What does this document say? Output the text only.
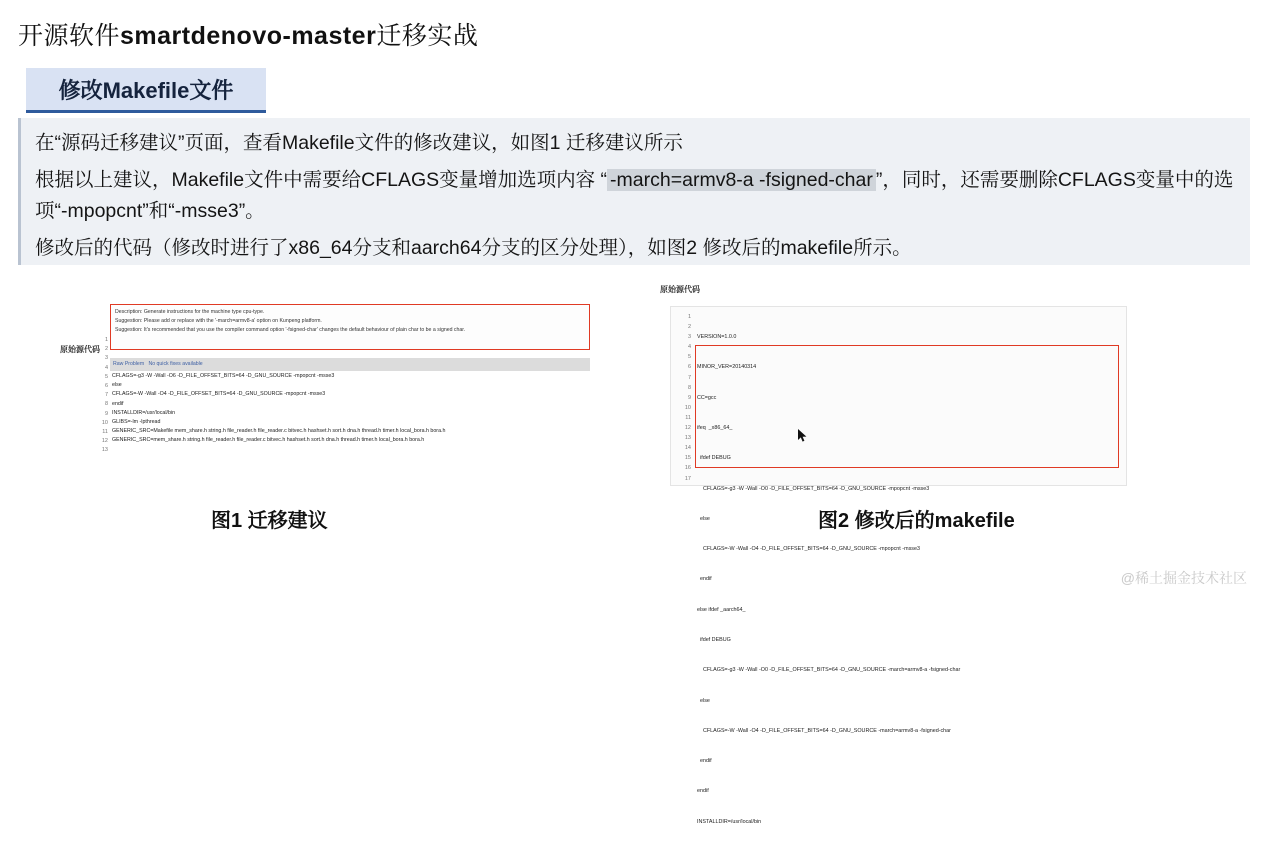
开源软件smartdenovo-master迁移实战
修改Makefile文件

在“源码迁移建议”页面，查看Makefile文件的修改建议，如图1 迁移建议所示

根据以上建议，Makefile文件中需要给CFLAGS变量增加选项内容 “ -march=armv8-a -fsigned-char ”，同时，还需要删除CFLAGS变量中的选项“-mpopcnt”和“-msse3”。

修改后的代码（修改时进行了x86_64分支和aarch64分支的区分处理），如图2 修改后的makefile所示。

原始源代码
Description: Generate instructions for the machine type cpu-type.
Suggestion: Please add or replace with the '-march=armv8-a' option on Kunpeng platform.
Suggestion: It's recommended that you use the compiler command option '-fsigned-char' changes the default behaviour of plain char to be a signed char.
Raw Problem No quick fixes available
1
2
3
4
5
6
7
8
9
10
11
12
13
CFLAGS=-g3 -W -Wall -O6 -D_FILE_OFFSET_BITS=64 -D_GNU_SOURCE -mpopcnt -msse3
else
CFLAGS=-W -Wall -O4 -D_FILE_OFFSET_BITS=64 -D_GNU_SOURCE -mpopcnt -msse3
endif
INSTALLDIR=/usr/local/bin
GLIBS=-lm -lpthread
GENERIC_SRC=Makefile mem_share.h string.h file_reader.h file_reader.c bitvec.h hashset.h sort.h dna.h thread.h timer.h local_bora.h bora.h
GENERIC_SRC=mem_share.h string.h file_reader.h file_reader.c bitvec.h hashset.h sort.h dna.h thread.h timer.h local_bora.h bora.h
原始源代码
1
2
3
4
5
6
7
8
9
10
11
12
13
14
15
16
17

VERSION=1.0.0

MINOR_VER=20140314

CC=gcc

ifeq  _x86_64_

ifdef DEBUG

CFLAGS=-g3 -W -Wall -O0 -D_FILE_OFFSET_BITS=64 -D_GNU_SOURCE -mpopcnt -msse3

else

CFLAGS=-W -Wall -O4 -D_FILE_OFFSET_BITS=64 -D_GNU_SOURCE -mpopcnt -msse3

endif

else ifdef _aarch64_

ifdef DEBUG

CFLAGS=-g3 -W -Wall -O0 -D_FILE_OFFSET_BITS=64 -D_GNU_SOURCE -march=armv8-a -fsigned-char

else

CFLAGS=-W -Wall -O4 -D_FILE_OFFSET_BITS=64 -D_GNU_SOURCE -march=armv8-a -fsigned-char

endif

endif

INSTALLDIR=/usr/local/bin

图1 迁移建议	图2 修改后的makefile
@稀土掘金技术社区
